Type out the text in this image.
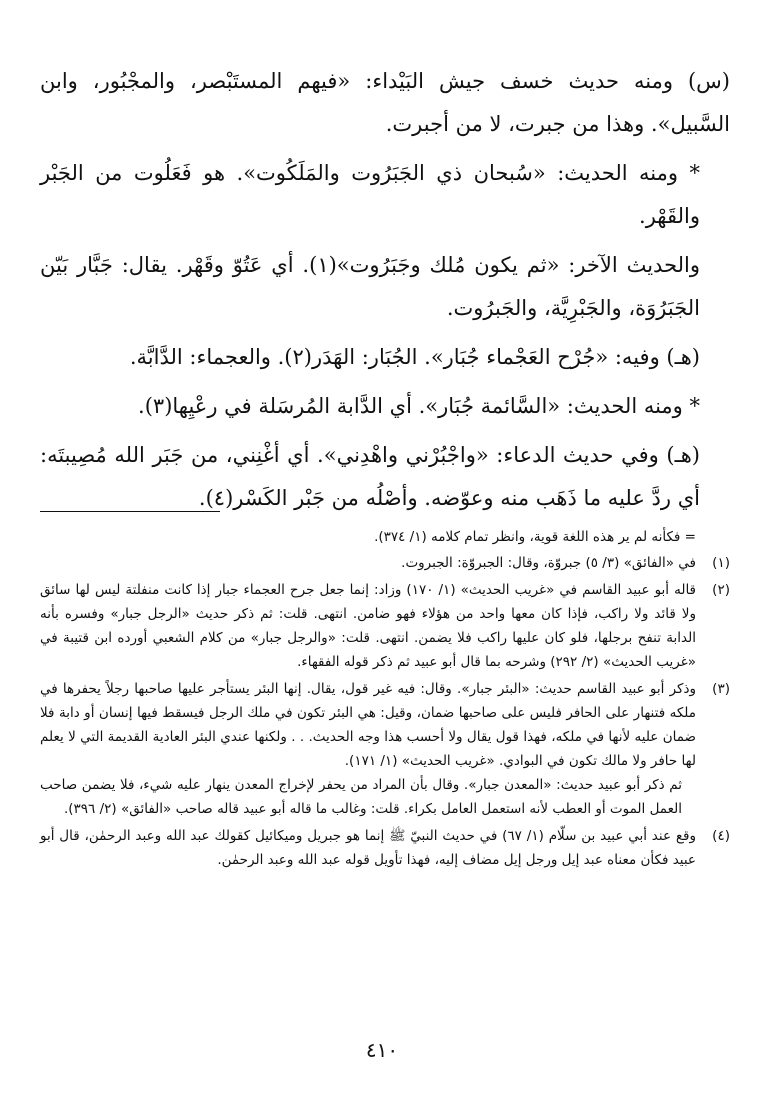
(س) ومنه حديث خسف جيش البَيْداء: «فيهم المستَبْصر، والمجْبُور، وابن السَّبيل». وهذا من جبرت، لا من أجبرت.

* ومنه الحديث: «سُبحان ذي الجَبَرُوت والمَلَكُوت». هو فَعَلُوت من الجَبْر والقَهْر.

والحديث الآخر: «ثم يكون مُلك وجَبَرُوت»(١). أي عَتُوّ وقَهْر. يقال: جَبَّار بَيّن الجَبَرُوَة، والجَبْرِيَّة، والجَبرُوت.

(هـ) وفيه: «جُرْح العَجْماء جُبَار». الجُبَار: الهَدَر(٢). والعجماء: الدَّابَّة.

* ومنه الحديث: «السَّائمة جُبَار». أي الدَّابة المُرسَلة في رعْيِها(٣).

(هـ) وفي حديث الدعاء: «واجْبُرْني واهْدِني». أي أغْنِني، من جَبَر الله مُصِيبتَه: أي ردَّ عليه ما ذَهَب منه وعوّضه. وأصْلُه من جَبْر الكَسْر(٤).

= فكأنه لم ير هذه اللغة قوية، وانظر تمام كلامه (١/ ٣٧٤).

(١)
في «الفائق» (٣/ ٥) جبروّة، وقال: الجبروّة: الجبروت.
(٢)
قاله أبو عبيد القاسم في «غريب الحديث» (١/ ١٧٠) وزاد: إنما جعل جرح العجماء جبار إذا كانت منفلتة ليس لها سائق ولا قائد ولا راكب، فإذا كان معها واحد من هؤلاء فهو ضامن. انتهى. قلت: ثم ذكر حديث «الرجل جبار» وفسره بأنه الدابة تنفح برجلها، فلو كان عليها راكب فلا يضمن. انتهى. قلت: «والرجل جبار» من كلام الشعبي أورده ابن قتيبة في «غريب الحديث» (٢/ ٢٩٢) وشرحه بما قال أبو عبيد ثم ذكر قوله الفقهاء.
(٣)
وذكر أبو عبيد القاسم حديث: «البئر جبار». وقال: فيه غير قول، يقال. إنها البئر يستأجر عليها صاحبها رجلاً يحفرها في ملكه فتنهار على الحافر فليس على صاحبها ضمان، وقيل: هي البئر تكون في ملك الرجل فيسقط فيها إنسان أو دابة فلا ضمان عليه لأنها في ملكه، فهذا قول يقال ولا أحسب هذا وجه الحديث. . . ولكنها عندي البئر العادية القديمة التي لا يعلم لها حافر ولا مالك تكون في البوادي. «غريب الحديث» (١/ ١٧١).
ثم ذكر أبو عبيد حديث: «المعدن جبار». وقال بأن المراد من يحفر لإخراج المعدن ينهار عليه شيء، فلا يضمن صاحب العمل الموت أو العطب لأنه استعمل العامل بكراء. قلت: وغالب ما قاله أبو عبيد قاله صاحب «الفائق» (٢/ ٣٩٦).
(٤)
وقع عند أبي عبيد بن سلّام (١/ ٦٧) في حديث النبيّ ﷺ إنما هو جبريل وميكائيل كقولك عبد الله وعبد الرحمٰن، قال أبو عبيد فكأن معناه عبد إيل ورجل إيل مضاف إليه، فهذا تأويل قوله عبد الله وعبد الرحمٰن.
٤١٠
